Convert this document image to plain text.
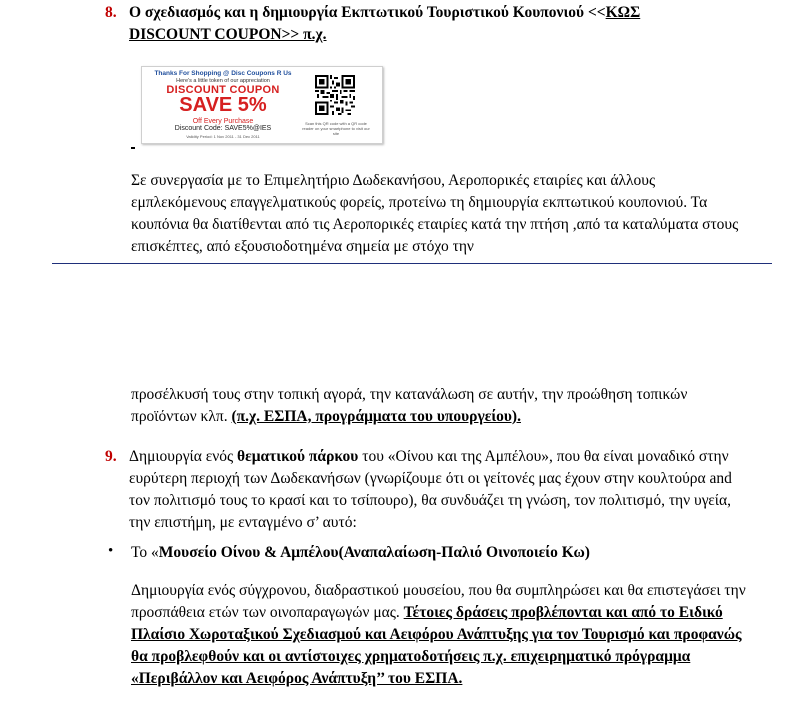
8. Ο σχεδιασμός και η δημιουργία Εκπτωτικού Τουριστικού Κουπονιού <<ΚΩΣ DISCOUNT COUPON>> π.χ.
Thanks For Shopping @ Disc Coupons R Us
Here's a little token of our appreciation
DISCOUNT COUPON
SAVE 5%
Off Every Purchase
Discount Code: SAVE5%@IES
Validity Period: 1 Nov 2011 - 31 Dec 2011
Scan this QR code with a QR code reader on your smartphone to visit our site
Σε συνεργασία με το Επιμελητήριο Δωδεκανήσου, Αεροπορικές εταιρίες και άλλους εμπλεκόμενους επαγγελματικούς φορείς, προτείνω τη δημιουργία εκπτωτικού κουπονιού. Τα κουπόνια θα διατίθενται από τις Αεροπορικές εταιρίες κατά την πτήση ,από τα καταλύματα στους επισκέπτες, από εξουσιοδοτημένα σημεία με στόχο την
προσέλκυσή τους στην τοπική αγορά, την κατανάλωση σε αυτήν, την προώθηση τοπικών προϊόντων κλπ. (π.χ. ΕΣΠΑ, προγράμματα του υπουργείου).
9. Δημιουργία ενός θεματικού πάρκου του «Οίνου και της Αμπέλου», που θα είναι μοναδικό στην ευρύτερη περιοχή των Δωδεκανήσων (γνωρίζουμε ότι οι γείτονές μας έχουν στην κουλτούρα and τον πολιτισμό τους το κρασί και το τσίπουρο), θα συνδυάζει τη γνώση, τον πολιτισμό, την υγεία, την επιστήμη, με ενταγμένο σ’ αυτό:
• Το «Μουσείο Οίνου & Αμπέλου(Αναπαλαίωση-Παλιό Οινοποιείο Κω)
Δημιουργία ενός σύγχρονου, διαδραστικού μουσείου, που θα συμπληρώσει και θα επιστεγάσει την προσπάθεια ετών των οινοπαραγωγών μας. Τέτοιες δράσεις προβλέπονται και από το Ειδικό Πλαίσιο Χωροταξικού Σχεδιασμού και Αειφόρου Ανάπτυξης για τον Τουρισμό και προφανώς θα προβλεφθούν και οι αντίστοιχες χρηματοδοτήσεις π.χ. επιχειρηματικό πρόγραμμα «Περιβάλλον και Αειφόρος Ανάπτυξη’’ του ΕΣΠΑ.
